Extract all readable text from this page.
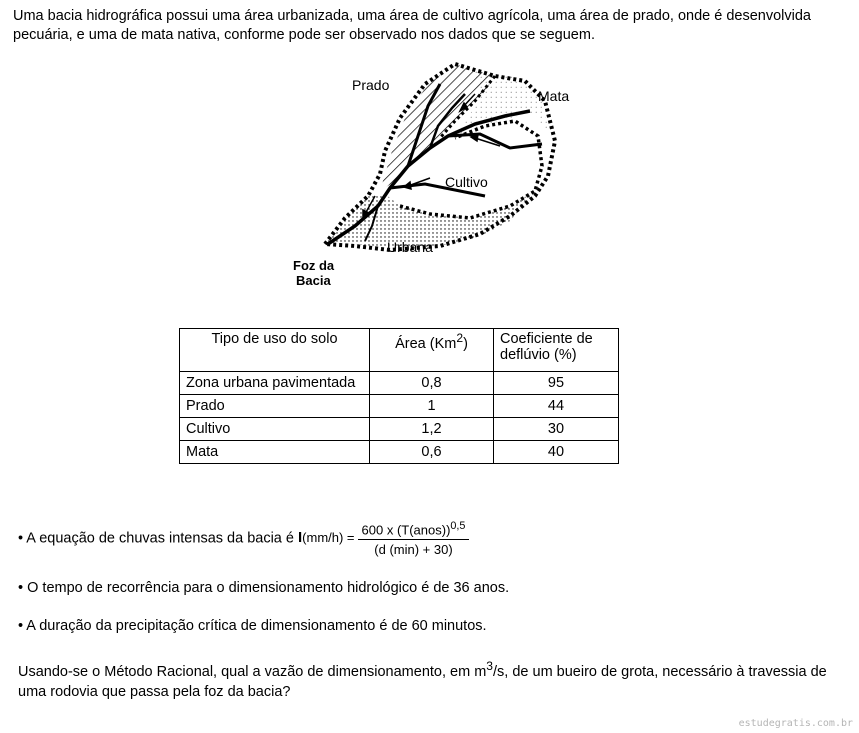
Uma bacia hidrográfica possui uma área urbanizada, uma área de cultivo agrícola, uma área de prado, onde é desenvolvida pecuária, e uma de mata nativa, conforme pode ser observado nos dados que se seguem.
Prado
Mata
Cultivo
Urbana
Foz da
Bacia
Tipo de uso do solo	Área (Km$^2$)	Coeficiente de
deflúvio (%)
Zona urbana pavimentada	0,8	95
Prado	1	44
Cultivo	1,2	30
Mata	0,6	40
• A equação de chuvas intensas da bacia é $I(mm/h) = \frac{600 x (T(anos))^{0,5}}{(d (\min) + 30)}$
• O tempo de recorrência para o dimensionamento hidrológico é de 36 anos.
• A duração da precipitação crítica de dimensionamento é de 60 minutos.
Usando-se o Método Racional, qual a vazão de dimensionamento, em $m^3/s$, de um bueiro de grota, necessário à travessia de uma rodovia que passa pela foz da bacia?
estudegratis.com.br
